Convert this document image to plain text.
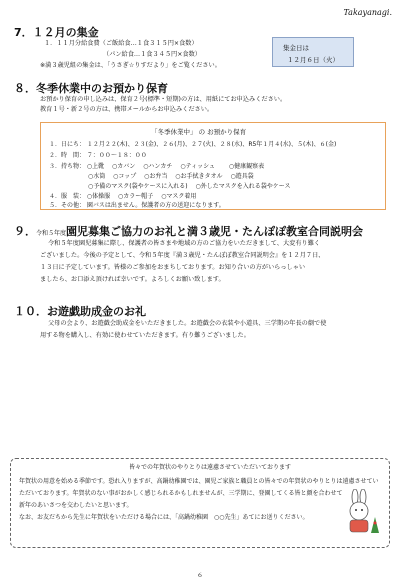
Takayanagi.
7．１２月の集金
１．１１月分給食費（ご飯給食…１食３１５円×食数）
（パン給食…１食３４５円×食数）
※満３歳児組の集金は、「うさぎ☆りすだより」をご覧ください。
集金日は
１２月６日（火）
８．冬季休業中のお預かり保育
お預かり保育の申し込みは、保育２号(標準・短期)の方は、用紙にてお申込みください。
教育１号・新２号の方は、携帯メールからお申込みください。
「冬季休業中」 の お預かり保育
１．日にち： １２月２２(木)、２３(金)、２６(月)、２７(火)、２８(水)、R5年１月４(水)、５(木)、６(金)
２．時　間： ７：００～１８：００
３．持ち物： ○上靴　 ○カバン　 ○ハンカチ　 ○ティッシュ　　 ○健康観察表
○水筒　 ○コップ　 ○お弁当　 ○お手拭きタオル　 ○遊具袋
○予備のマスク(袋やケースに入れる)　 ○外したマスクを入れる袋やケース
４．服　装： ○体操服　 ○カラー帽子　 ○マスク着用
５．その他： 園バスは出ません。保護者の方の送迎になります。
９．令和５年度園児募集ご協力のお礼と満３歳児・たんぽぽ教室合同説明会
令和５年度園児募集に際し、保護者の皆さまや地域の方のご協力をいただきまして、大変有り難く
ございました。今後の予定として、令和５年度『満３歳児・たんぽぽ教室合同説明会』を１２月７日、
１３日に予定しています。皆様のご参加をおまちしております。お知り合いの方がいらっしゃい
ましたら、お口添え頂ければ幸いです。よろしくお願い致します。
１０．お遊戯助成金のお礼
父母の会より、お遊戯会助成金をいただきました。お遊戯会の衣装や小道具、三学期の年長の劇で使
用する物を購入し、有効に使わせていただきます。有り難うございました。
皆々での年賀状のやりとりは遠慮させていただいております
年賀状の用意を始める季節です。恐れ入りますが、高鍋幼稚園では、園児ご家族と職員との皆々での年賀状のやりとりは遠慮させてい
ただいております。年賀状のない事がおかしく感じられるかもしれませんが、三学期に、登園してくる皆と顔を合わせて
新年のあいさつを交わしたいと思います。
なお、お友だちから先生に年賀状をいただける場合には、「高鍋幼稚園　○○先生」あてにお送りください。
６
